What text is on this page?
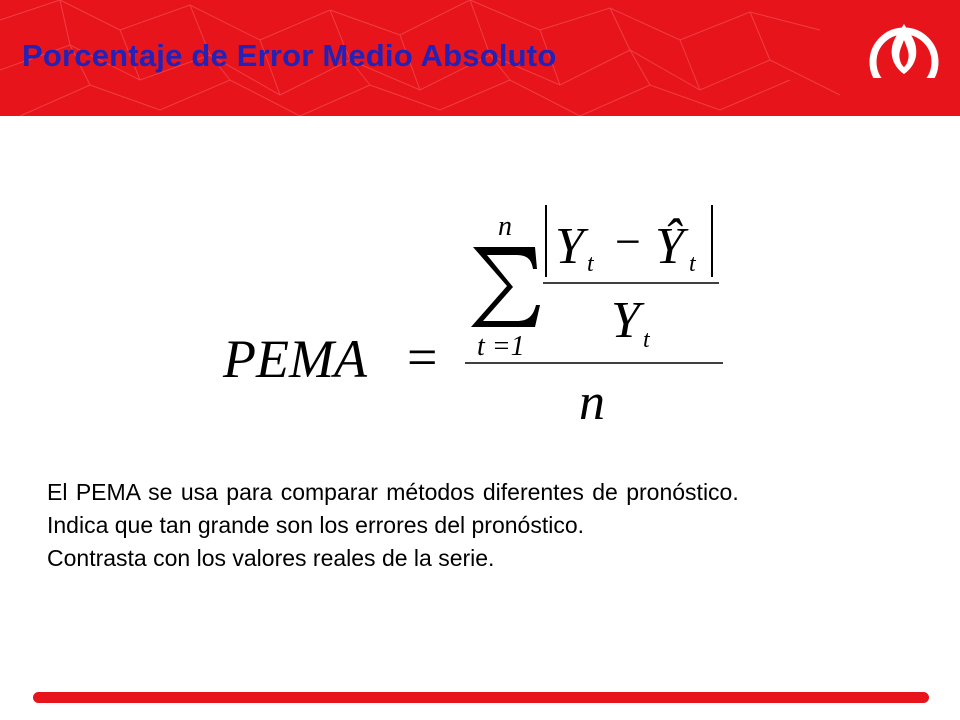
Porcentaje de Error Medio Absoluto
PEMA =
n
t =1
Y t − Ŷ t
Y t
n

El PEMA se usa para comparar métodos diferentes de pronóstico.

Indica que tan grande son los errores del pronóstico.

Contrasta con los valores reales de la serie.
